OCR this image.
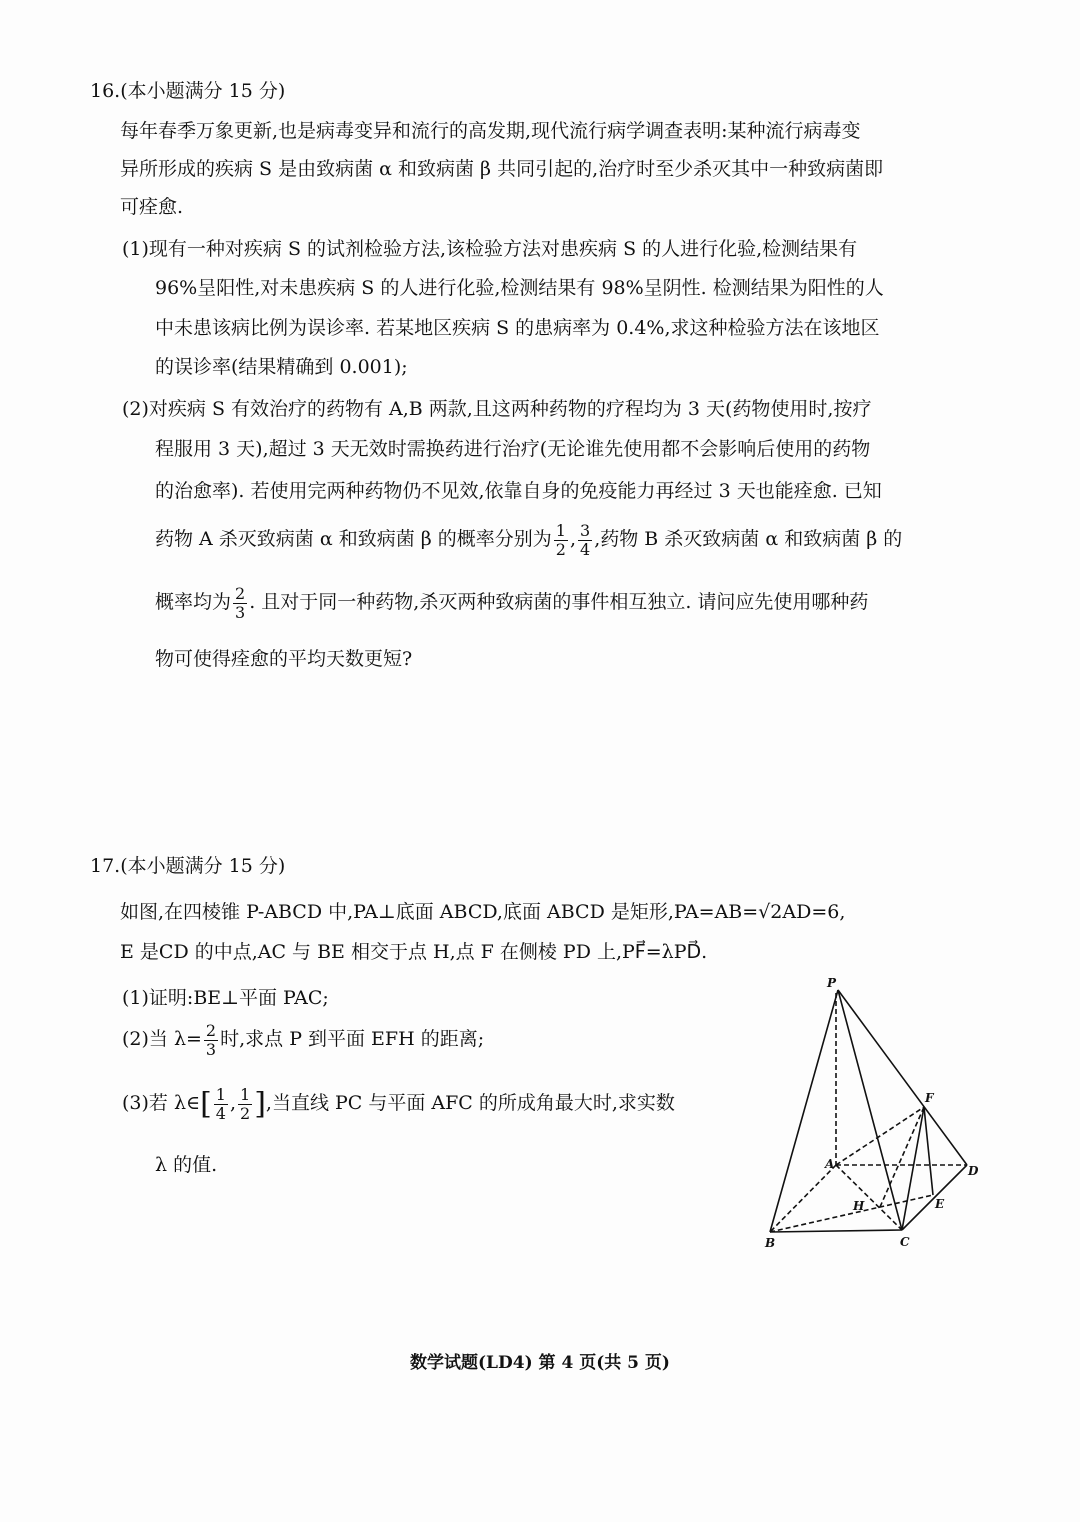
16.(本小题满分 15 分)
每年春季万象更新,也是病毒变异和流行的高发期,现代流行病学调查表明:某种流行病毒变
异所形成的疾病 S 是由致病菌 α 和致病菌 β 共同引起的,治疗时至少杀灭其中一种致病菌即
可痊愈.
(1)现有一种对疾病 S 的试剂检验方法,该检验方法对患疾病 S 的人进行化验,检测结果有
96%呈阳性,对未患疾病 S 的人进行化验,检测结果有 98%呈阴性. 检测结果为阳性的人
中未患该病比例为误诊率. 若某地区疾病 S 的患病率为 0.4%,求这种检验方法在该地区
的误诊率(结果精确到 0.001);
(2)对疾病 S 有效治疗的药物有 A,B 两款,且这两种药物的疗程均为 3 天(药物使用时,按疗
程服用 3 天),超过 3 天无效时需换药进行治疗(无论谁先使用都不会影响后使用的药物
的治愈率). 若使用完两种药物仍不见效,依靠自身的免疫能力再经过 3 天也能痊愈. 已知
药物 A 杀灭致病菌 α 和致病菌 β 的概率分别为 $\frac{1}{2}$ , $\frac{3}{4}$ ,药物 B 杀灭致病菌 α 和致病菌 β 的
概率均为 $\frac{2}{3}$ . 且对于同一种药物,杀灭两种致病菌的事件相互独立. 请问应先使用哪种药
物可使得痊愈的平均天数更短?
17.(本小题满分 15 分)
如图,在四棱锥 P-ABCD 中,PA⊥底面 ABCD,底面 ABCD 是矩形,PA=AB=√2AD=6,
E 是CD 的中点,AC 与 BE 相交于点 H,点 F 在侧棱 PD 上,PF⃗=λPD⃗.
(1)证明:BE⊥平面 PAC;
(2)当 $\lambda= \frac{2}{3}$ 时,求点 P 到平面 EFH 的距离;
(3)若 λ∈[ $\frac{1}{4}$ , $\frac{1}{2}$ ],当直线 PC 与平面 AFC 的所成角最大时,求实数
λ 的值.
P
F
A	D
H	E
B	C
数学试题(LD4) 第 4 页(共 5 页)
